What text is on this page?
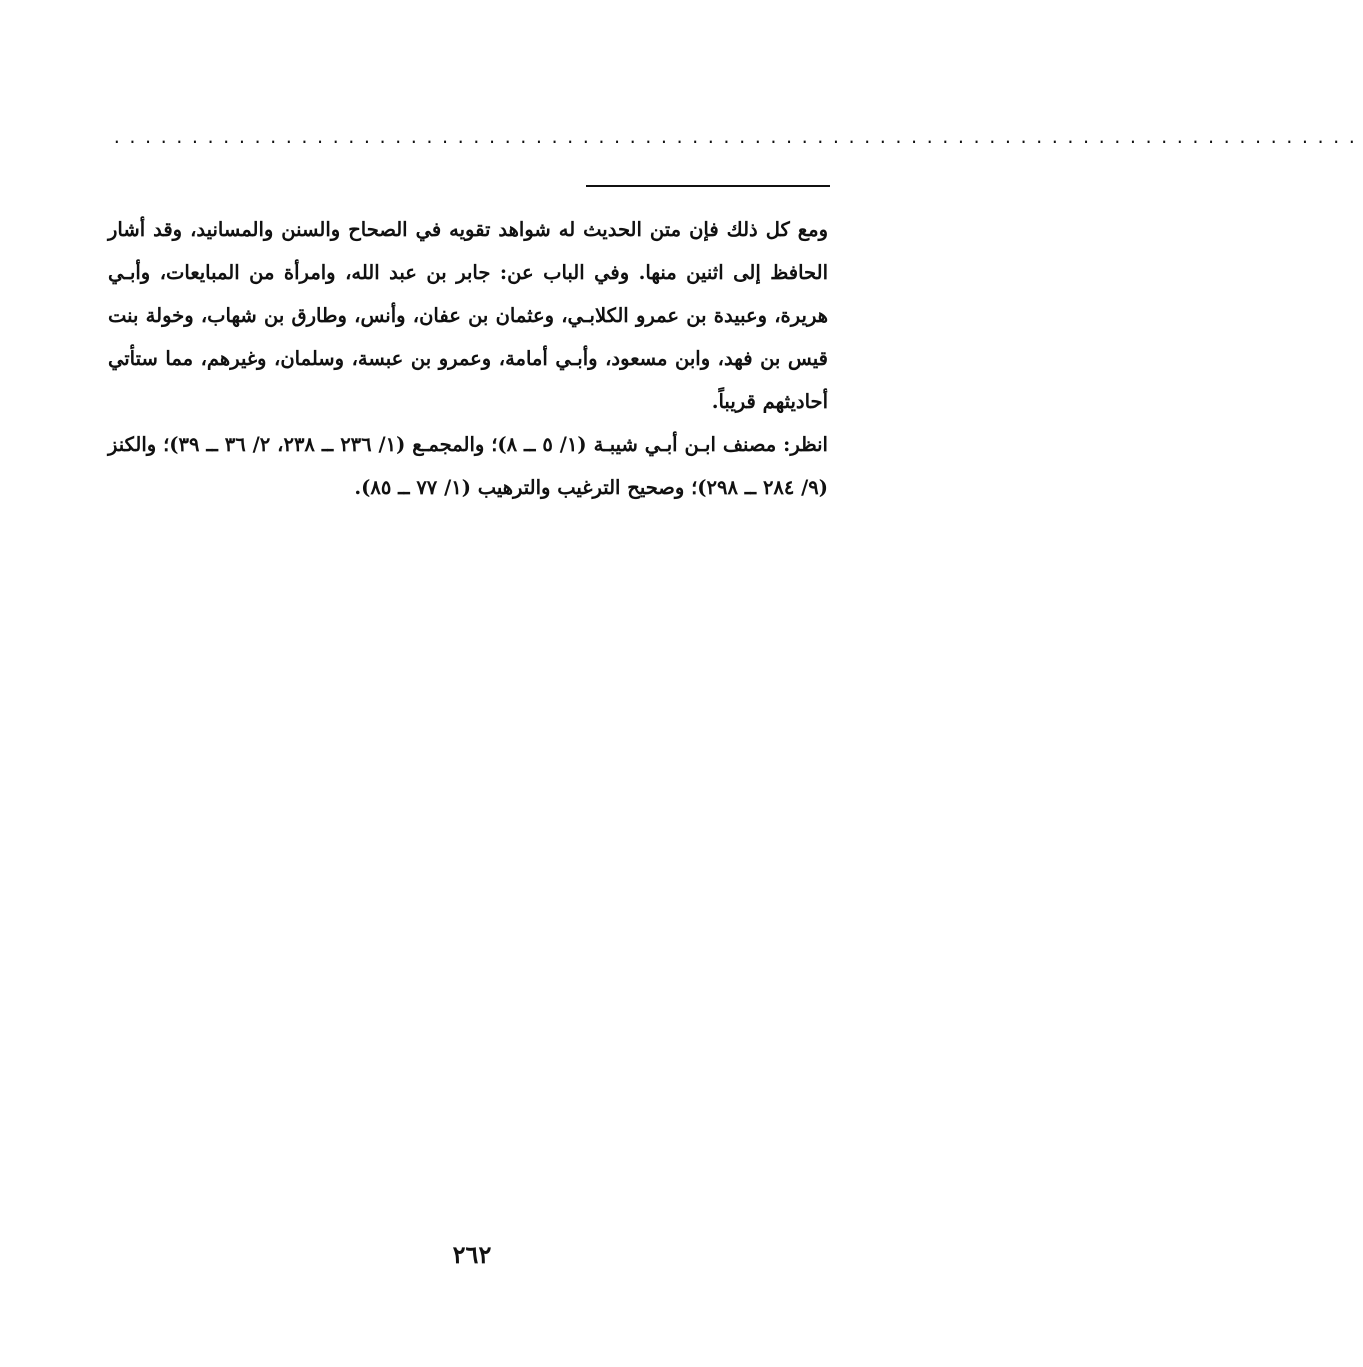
................................................................................

ومع كل ذلك فإن متن الحديث له شواهد تقويه في الصحاح والسنن والمسانيد، وقد أشار الحافظ إلى اثنين منها. وفي الباب عن: جابر بن عبد الله، وامرأة من المبايعات، وأبـي هريرة، وعبيدة بن عمرو الكلابـي، وعثمان بن عفان، وأنس، وطارق بن شهاب، وخولة بنت قيس بن فهد، وابن مسعود، وأبـي أمامة، وعمرو بن عبسة، وسلمان، وغيرهم، مما ستأتي أحاديثهم قريباً.

انظر: مصنف ابـن أبـي شيبـة (١/ ٥ ــ ٨)؛ والمجمـع (١/ ٢٣٦ ــ ٢٣٨، ٢/ ٣٦ ــ ٣٩)؛ والكنز (٩/ ٢٨٤ ــ ٢٩٨)؛ وصحيح الترغيب والترهيب (١/ ٧٧ ــ ٨٥).

٢٦٢
